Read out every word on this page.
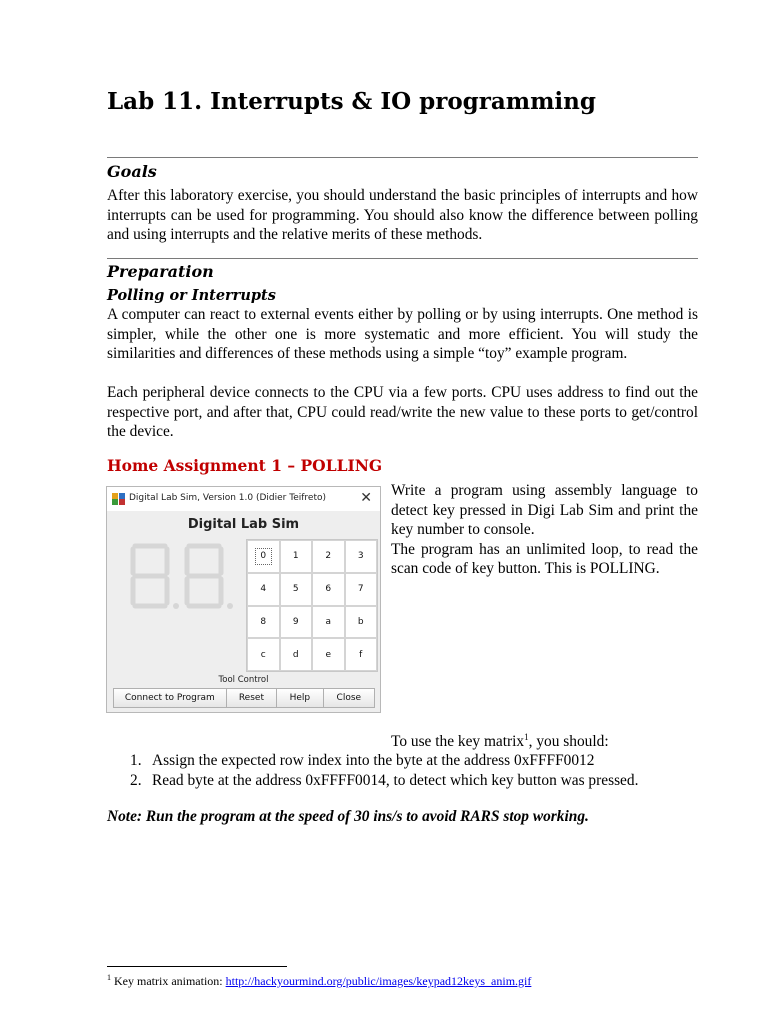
Lab 11. Interrupts & IO programming
Goals

After this laboratory exercise, you should understand the basic principles of interrupts and how interrupts can be used for programming. You should also know the difference between polling and using interrupts and the relative merits of these methods.

Preparation
Polling or Interrupts

A computer can react to external events either by polling or by using interrupts. One method is simpler, while the other one is more systematic and more efficient. You will study the similarities and differences of these methods using a simple “toy” example program.

Each peripheral device connects to the CPU via a few ports. CPU uses address to find out the respective port, and after that, CPU could read/write the new value to these ports to get/control the device.

Home Assignment 1 – POLLING
Digital Lab Sim, Version 1.0 (Didier Teifreto) ✕
Digital Lab Sim
8.8.
0	1	2	3
4	5	6	7
8	9	a	b
c	d	e	f
Tool Control
Connect to Program	Reset	Help	Close

Write a program using assembly language to detect key pressed in Digi Lab Sim and print the key number to console.

The program has an unlimited loop, to read the scan code of key button. This is POLLING.

To use the key matrix$^1$, you should:

1. Assign the expected row index into the byte at the address 0xFFFF0012
2. Read byte at the address 0xFFFF0014, to detect which key button was pressed.

Note: Run the program at the speed of 30 ins/s to avoid RARS stop working.

$^1$ Key matrix animation: http://hackyourmind.org/public/images/keypad12keys_anim.gif
